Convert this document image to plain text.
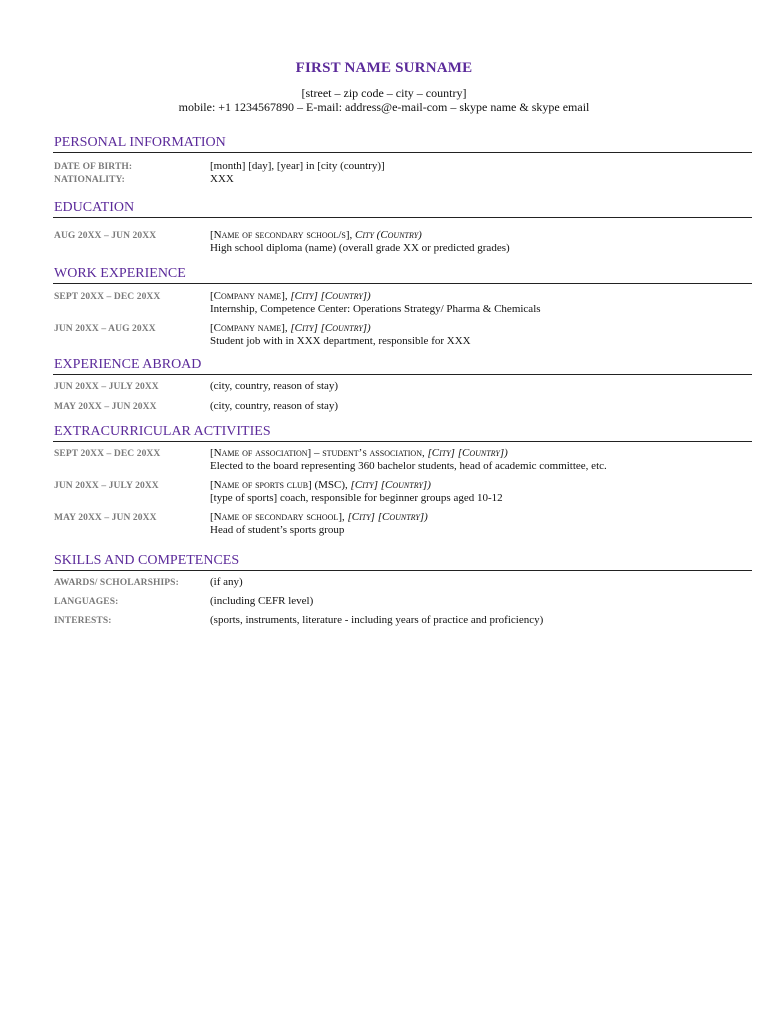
FIRST NAME SURNAME
[street – zip code – city – country]
mobile: +1 1234567890 – E-mail: address@e-mail-com – skype name & skype email
PERSONAL INFORMATION
DATE OF BIRTH:	[month] [day], [year] in [city (country)]
NATIONALITY:	XXX
EDUCATION
AUG 20XX – JUN 20XX	[Name of secondary school/s], City (Country)
High school diploma (name) (overall grade XX or predicted grades)
WORK EXPERIENCE
SEPT 20XX – DEC 20XX	[Company name], [City] [Country])
Internship, Competence Center: Operations Strategy/ Pharma & Chemicals
JUN 20XX – AUG 20XX	[Company name], [City] [Country])
Student job with in XXX department, responsible for XXX
EXPERIENCE ABROAD
JUN 20XX – JULY 20XX	(city, country, reason of stay)
MAY 20XX – JUN 20XX	(city, country, reason of stay)
EXTRACURRICULAR ACTIVITIES
SEPT 20XX – DEC 20XX	[Name of association] – student’s association, [City] [Country])
Elected to the board representing 360 bachelor students, head of academic committee, etc.
JUN 20XX – JULY 20XX	[Name of sports club] (MSC), [City] [Country])
[type of sports] coach, responsible for beginner groups aged 10-12
MAY 20XX – JUN 20XX	[Name of secondary school], [City] [Country])
Head of student’s sports group
SKILLS AND COMPETENCES
AWARDS/ SCHOLARSHIPS:	(if any)
LANGUAGES:	(including CEFR level)
INTERESTS:	(sports, instruments, literature - including years of practice and proficiency)
